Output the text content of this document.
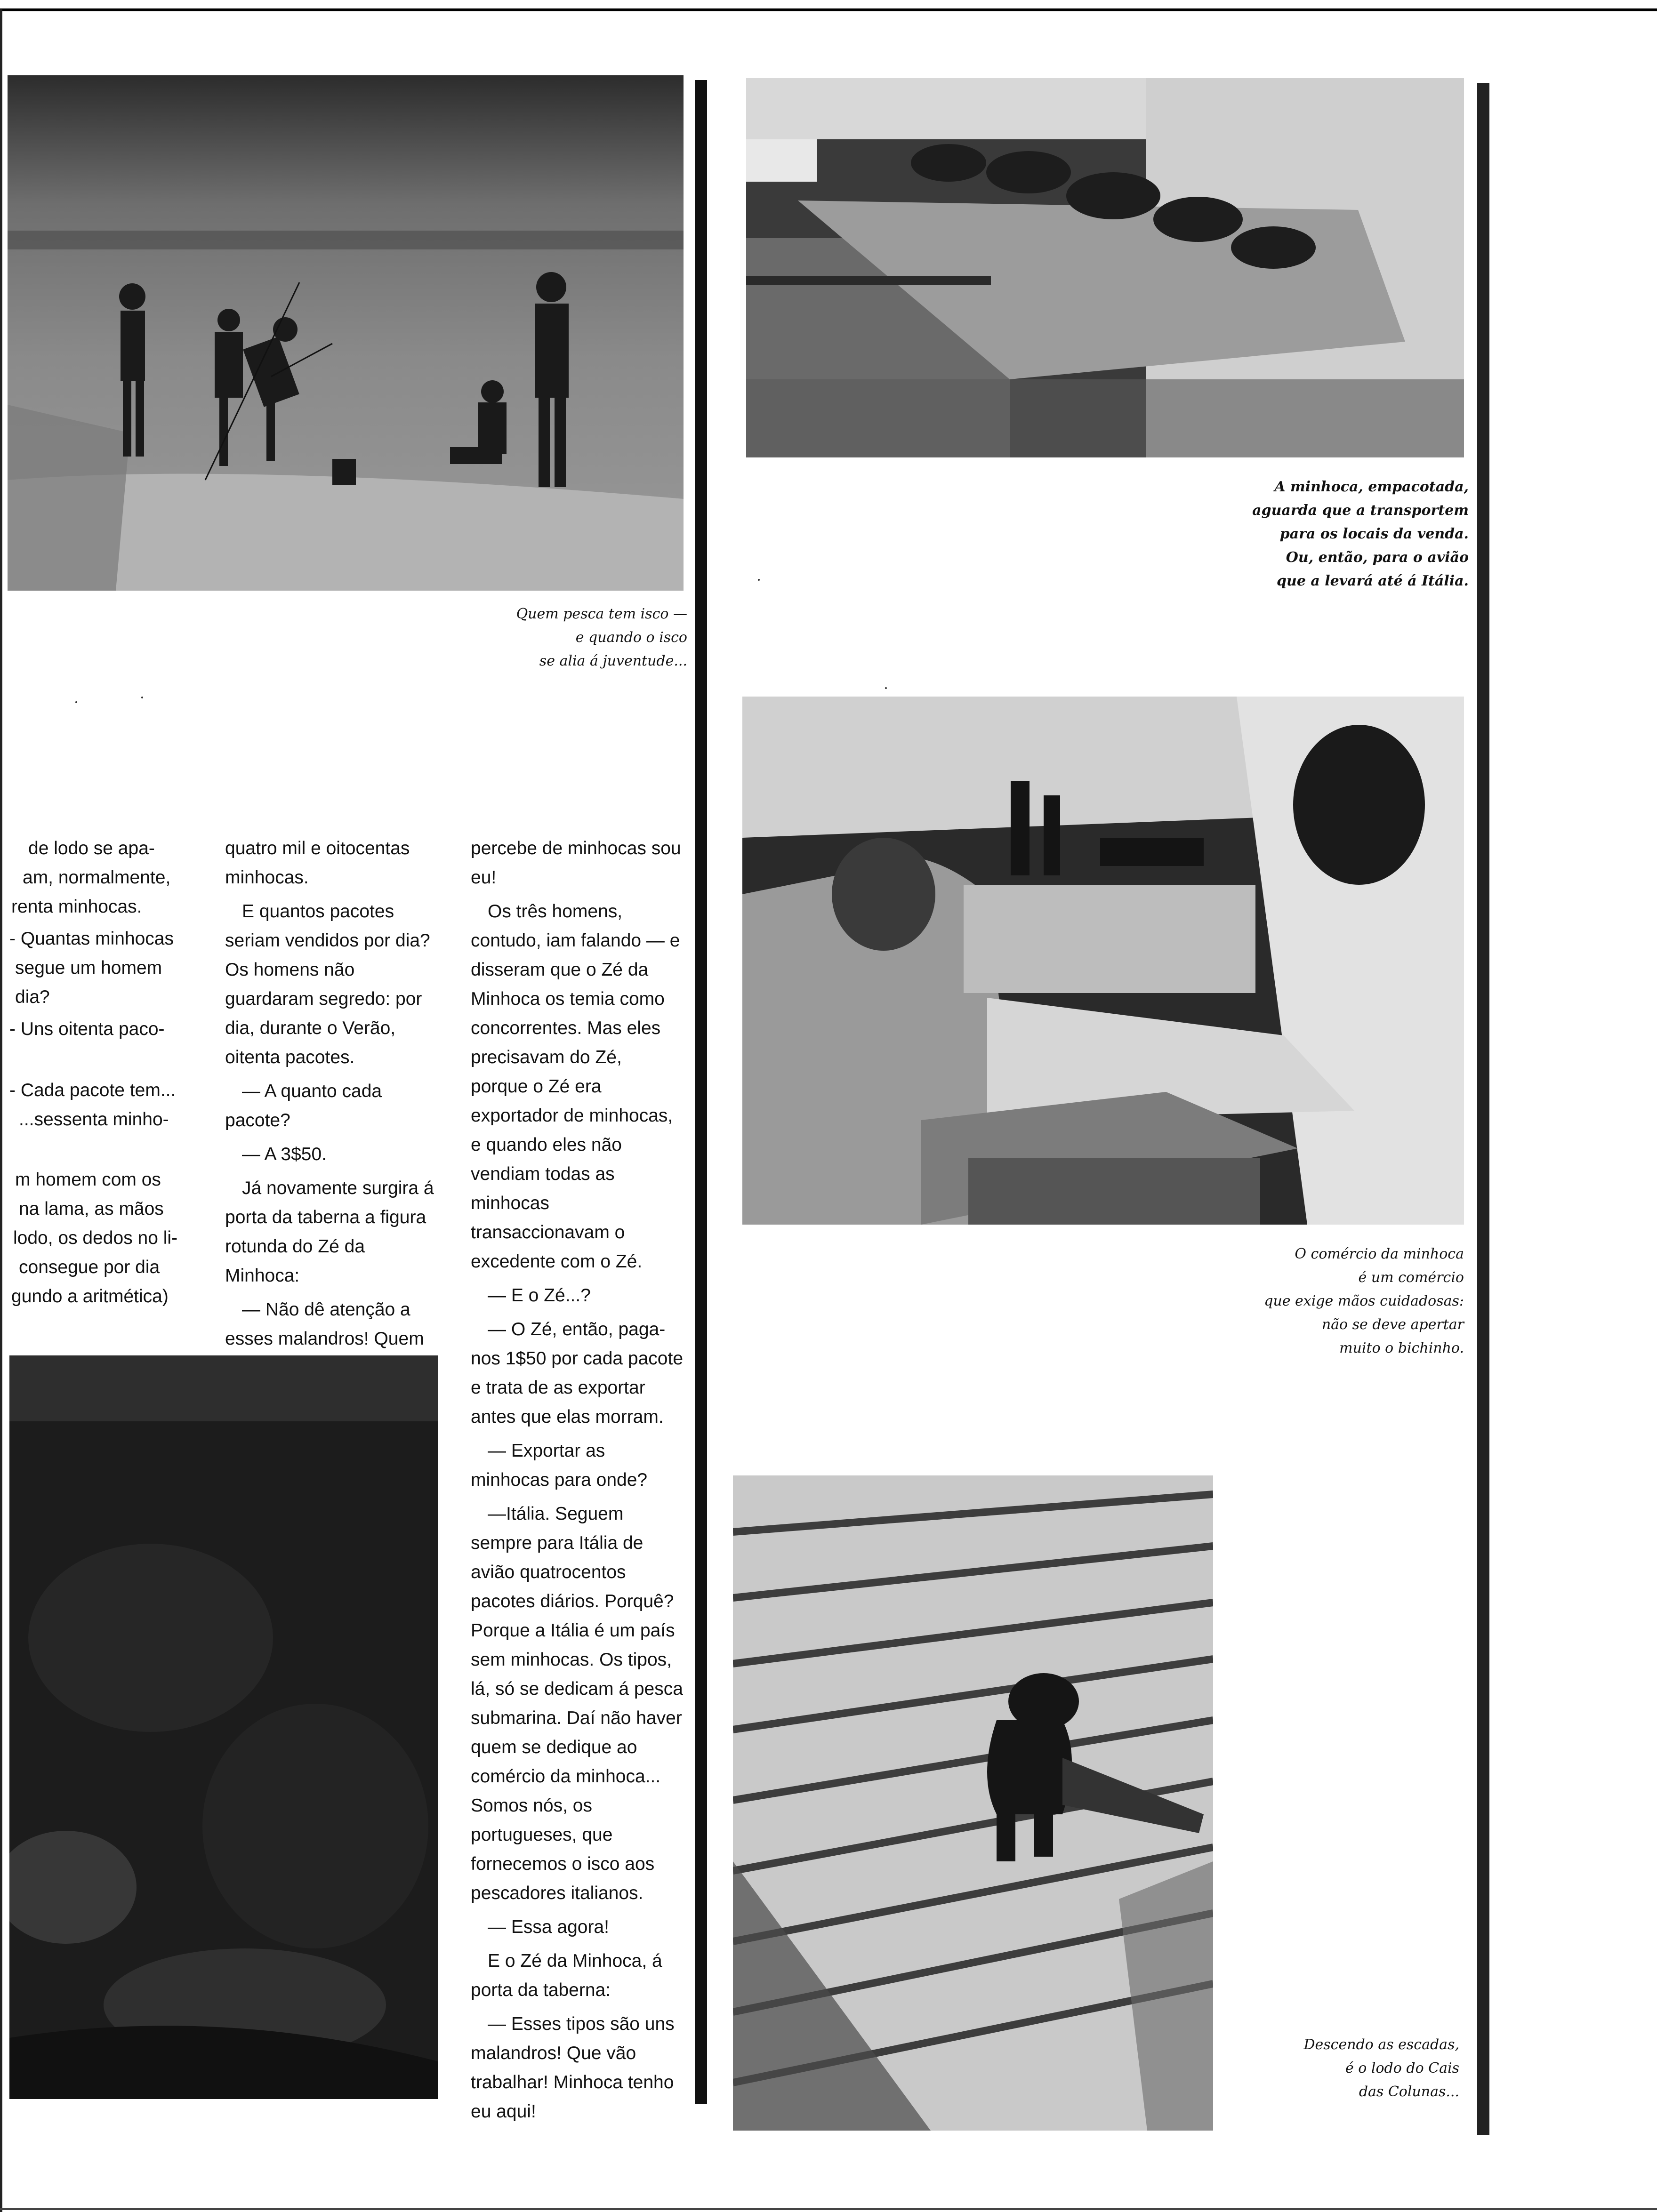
Quem pesca tem isco —
e quando o isco
se alia á juventude...
A minhoca, empacotada,
aguarda que a transportem
para os locais da venda.
Ou, então, para o avião
que a levará até á Itália.
O comércio da minhoca
é um comércio
que exige mãos cuidadosas:
não se deve apertar
muito o bichinho.
Descendo as escadas,
é o lodo do Cais
das Colunas...
de lodo se apa-
am, normalmente,
renta minhocas.
- Quantas minhocas
segue um homem
dia?
- Uns oitenta paco-
- Cada pacote tem...
...sessenta minho-
m homem com os
na lama, as mãos
lodo, os dedos no li-
consegue por dia
gundo a aritmética)

quatro mil e oitocentas minhocas.

E quantos pacotes seriam vendidos por dia? Os homens não guardaram segredo: por dia, durante o Verão, oitenta pacotes.

— A quanto cada pacote?

— A 3$50.

Já novamente surgira á porta da taberna a figura rotunda do Zé da Minhoca:

— Não dê atenção a esses malandros! Quem

percebe de minhocas sou eu!

Os três homens, contudo, iam falando — e disseram que o Zé da Minhoca os temia como concorrentes. Mas eles precisavam do Zé, porque o Zé era exportador de minhocas, e quando eles não vendiam todas as minhocas transaccionavam o excedente com o Zé.

— E o Zé...?

— O Zé, então, paga-nos 1$50 por cada pacote e trata de as exportar antes que elas morram.

— Exportar as minhocas para onde?

—Itália. Seguem sempre para Itália de avião quatrocentos pacotes diários. Porquê? Porque a Itália é um país sem minhocas. Os tipos, lá, só se dedicam á pesca submarina. Daí não haver quem se dedique ao comércio da minhoca... Somos nós, os portugueses, que fornecemos o isco aos pescadores italianos.

— Essa agora!

E o Zé da Minhoca, á porta da taberna:

— Esses tipos são uns malandros! Que vão trabalhar! Minhoca tenho eu aqui!
